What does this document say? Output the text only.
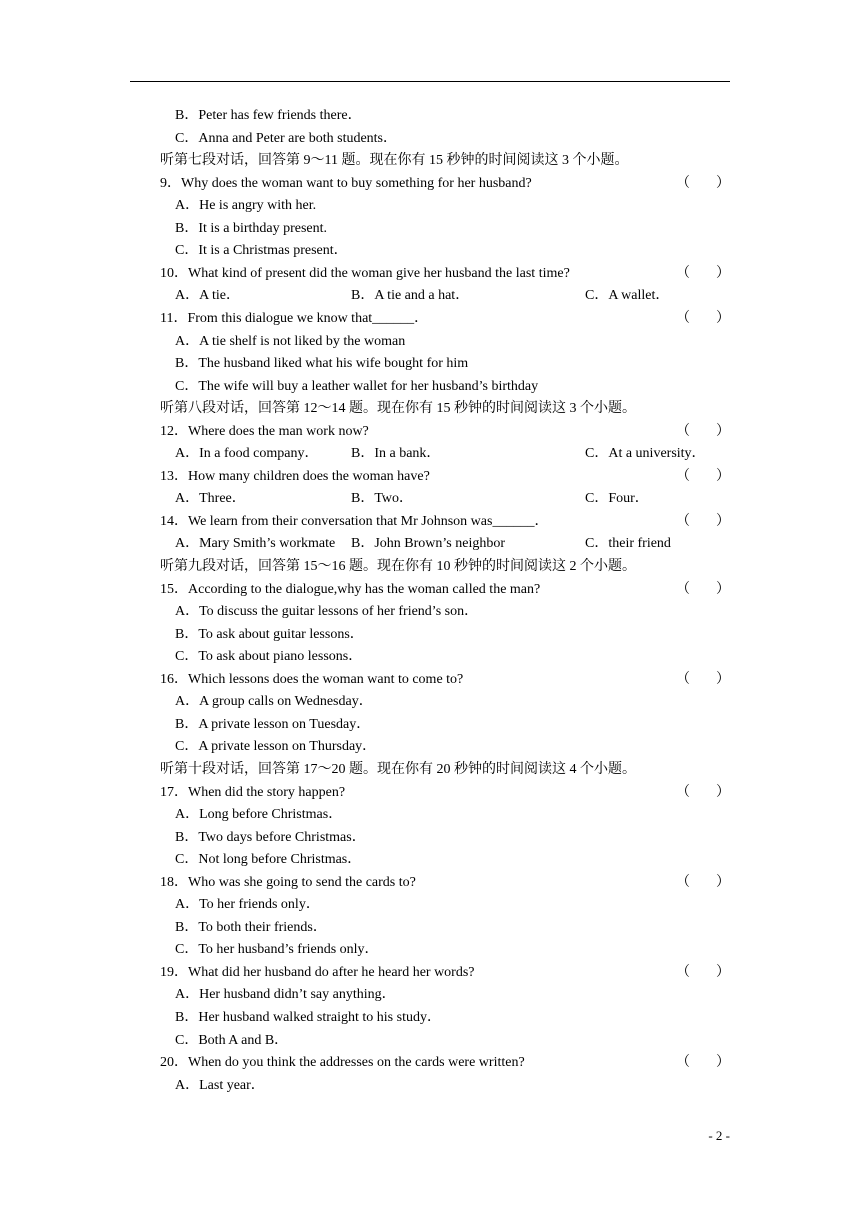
B．Peter has few friends there．
C．Anna and Peter are both students．
听第七段对话，回答第 9～11 题。现在你有 15 秒钟的时间阅读这 3 个小题。
9．Why does the woman want to buy something for her husband?	（ ）
A．He is angry with her.
B．It is a birthday present.
C．It is a Christmas present．
10．What kind of present did the woman give her husband the last time?	（ ）
A．A tie．	B．A tie and a hat．	C．A wallet．
11．From this dialogue we know that______．	（ ）
A．A tie shelf is not liked by the woman
B．The husband liked what his wife bought for him
C．The wife will buy a leather wallet for her husband’s birthday
听第八段对话，回答第 12～14 题。现在你有 15 秒钟的时间阅读这 3 个小题。
12．Where does the man work now?	（ ）
A．In a food company． B．In a bank．	C．At a university．
13．How many children does the woman have?	（ ）
A．Three．	B．Two．	C．Four．
14．We learn from their conversation that Mr Johnson was______．	（ ）
A．Mary Smith’s workmate B．John Brown’s neighbor	C．their friend
听第九段对话，回答第 15～16 题。现在你有 10 秒钟的时间阅读这 2 个小题。
15．According to the dialogue,why has the woman called the man?	（ ）
A．To discuss the guitar lessons of her friend’s son．
B．To ask about guitar lessons．
C．To ask about piano lessons．
16．Which lessons does the woman want to come to?	（ ）
A．A group calls on Wednesday．
B．A private lesson on Tuesday．
C．A private lesson on Thursday．
听第十段对话，回答第 17～20 题。现在你有 20 秒钟的时间阅读这 4 个小题。
17．When did the story happen?	（ ）
A．Long before Christmas．
B．Two days before Christmas．
C．Not long before Christmas．
18．Who was she going to send the cards to?	（ ）
A．To her friends only．
B．To both their friends．
C．To her husband’s friends only．
19．What did her husband do after he heard her words?	（ ）
A．Her husband didn’t say anything．
B．Her husband walked straight to his study．
C．Both A and B．
20．When do you think the addresses on the cards were written?	（ ）
A．Last year．
- 2 -
